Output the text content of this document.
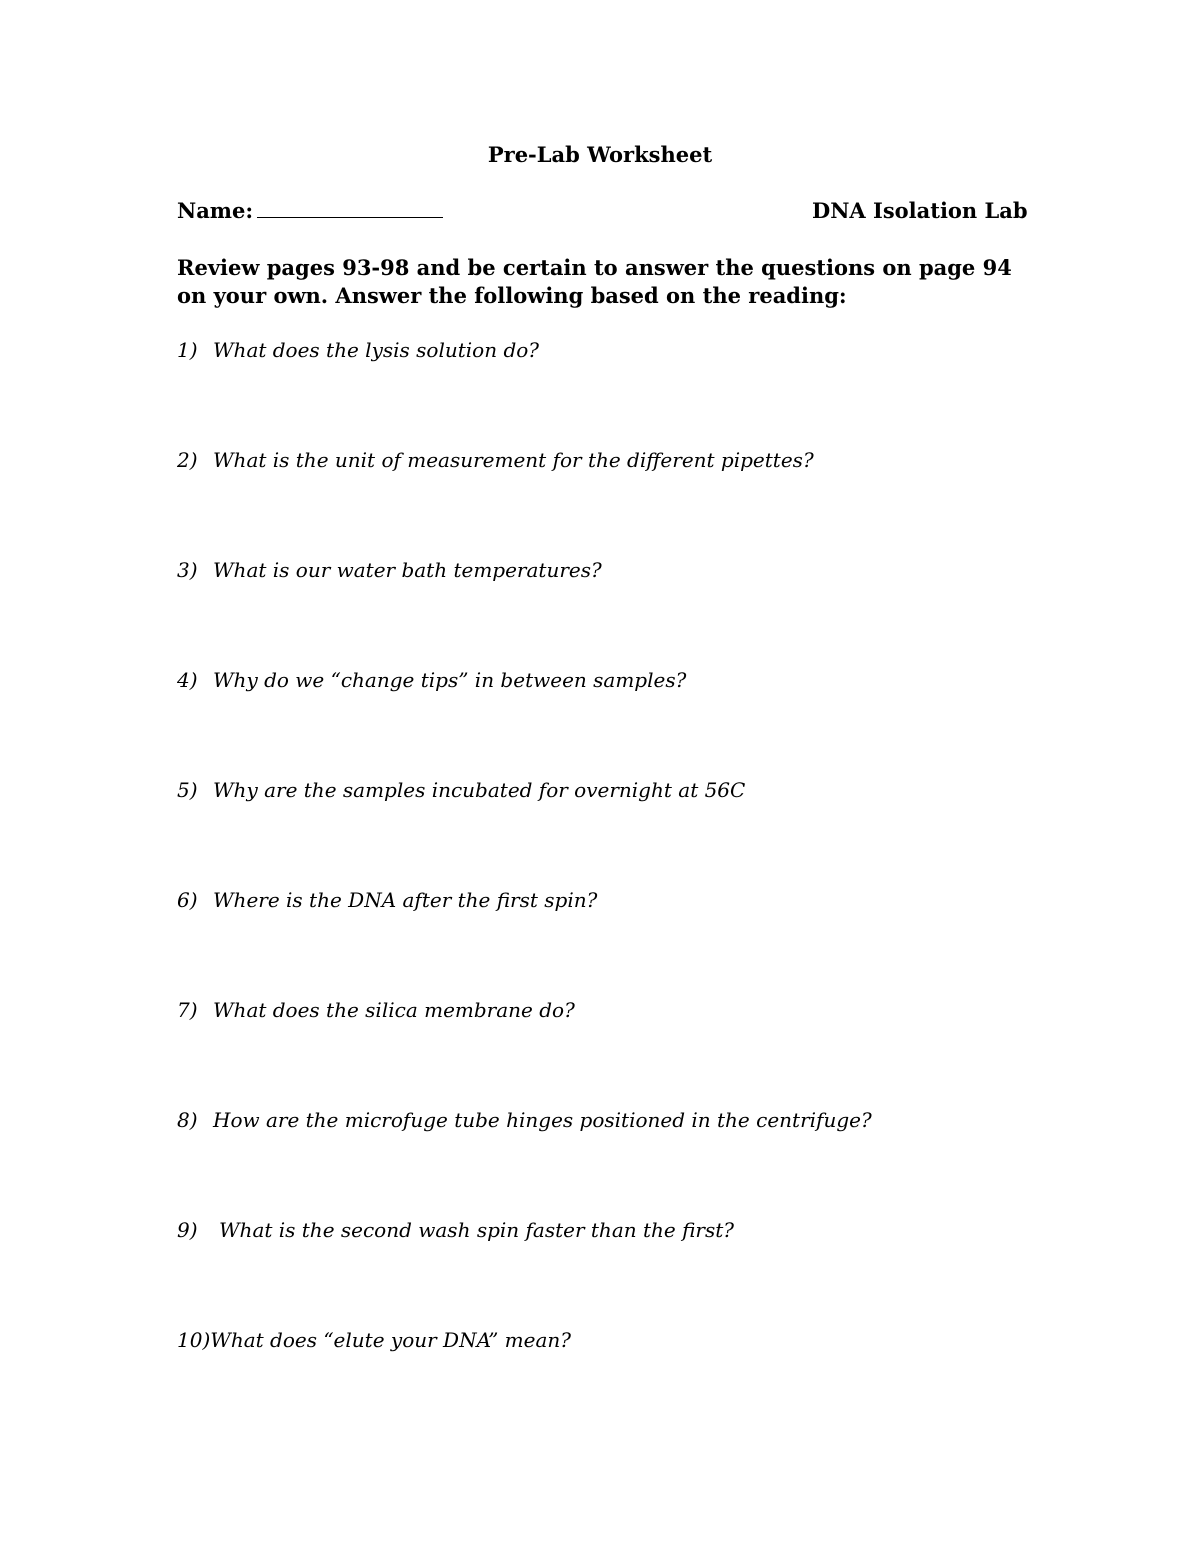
Pre-Lab Worksheet
Name:	DNA Isolation Lab
Review pages 93-98 and be certain to answer the questions on page 94 on your own. Answer the following based on the reading:
1) What does the lysis solution do?
2) What is the unit of measurement for the different pipettes?
3) What is our water bath temperatures?
4) Why do we “change tips” in between samples?
5) Why are the samples incubated for overnight at 56C
6) Where is the DNA after the first spin?
7) What does the silica membrane do?
8) How are the microfuge tube hinges positioned in the centrifuge?
9) What is the second wash spin faster than the first?
10)What does “elute your DNA” mean?
